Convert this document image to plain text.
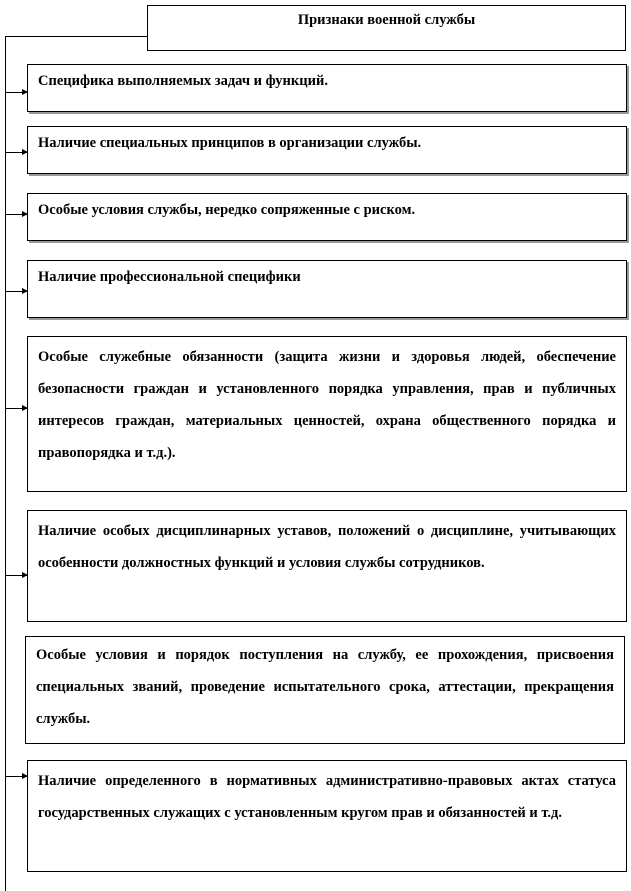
Признаки военной службы
Специфика выполняемых задач и функций.
Наличие специальных принципов в организации службы.
Особые условия службы, нередко сопряженные с риском.
Наличие профессиональной специфики
Особые служебные обязанности (защита жизни и здоровья людей, обеспечение безопасности граждан и установленного порядка управления, прав и публичных интересов граждан, материальных ценностей, охрана общественного порядка и правопорядка и т.д.).
Наличие особых дисциплинарных уставов, положений о дисциплине, учитывающих особенности должностных функций и условия службы сотрудников.
Особые условия и порядок поступления на службу, ее прохождения, присвоения специальных званий, проведение испытательного срока, аттестации, прекращения службы.
Наличие определенного в нормативных административно-правовых актах статуса государственных служащих с установленным кругом прав и обязанностей и т.д.
